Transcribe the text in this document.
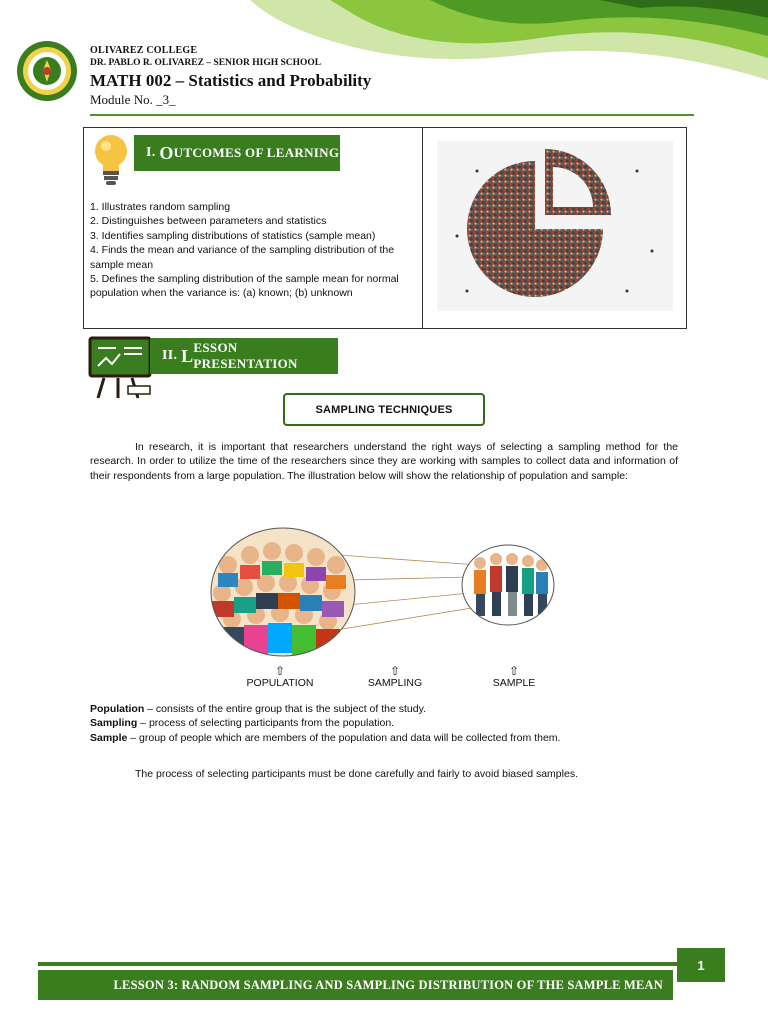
OLIVAREZ COLLEGE
DR. PABLO R. OLIVAREZ – SENIOR HIGH SCHOOL
MATH 002 – Statistics and Probability
Module No. _3_
I. O UTCOMES OF LEARNING
1. Illustrates random sampling
2. Distinguishes between parameters and statistics
3. Identifies sampling distributions of statistics (sample mean)
4. Finds the mean and variance of the sampling distribution of the sample mean
5. Defines the sampling distribution of the sample mean for normal population when the variance is: (a) known; (b) unknown
II. L ESSON PRESENTATION
SAMPLING TECHNIQUES
In research, it is important that researchers understand the right ways of selecting a sampling method for the research. In order to utilize the time of the researchers since they are working with samples to collect data and information of their respondents from a large population. The illustration below will show the relationship of population and sample:
⇧
POPULATION
⇧
SAMPLING
⇧
SAMPLE
Population – consists of the entire group that is the subject of the study.
Sampling – process of selecting participants from the population.
Sample – group of people which are members of the population and data will be collected from them.
The process of selecting participants must be done carefully and fairly to avoid biased samples.
LESSON 3: RANDOM SAMPLING AND SAMPLING DISTRIBUTION OF THE SAMPLE MEAN
1
